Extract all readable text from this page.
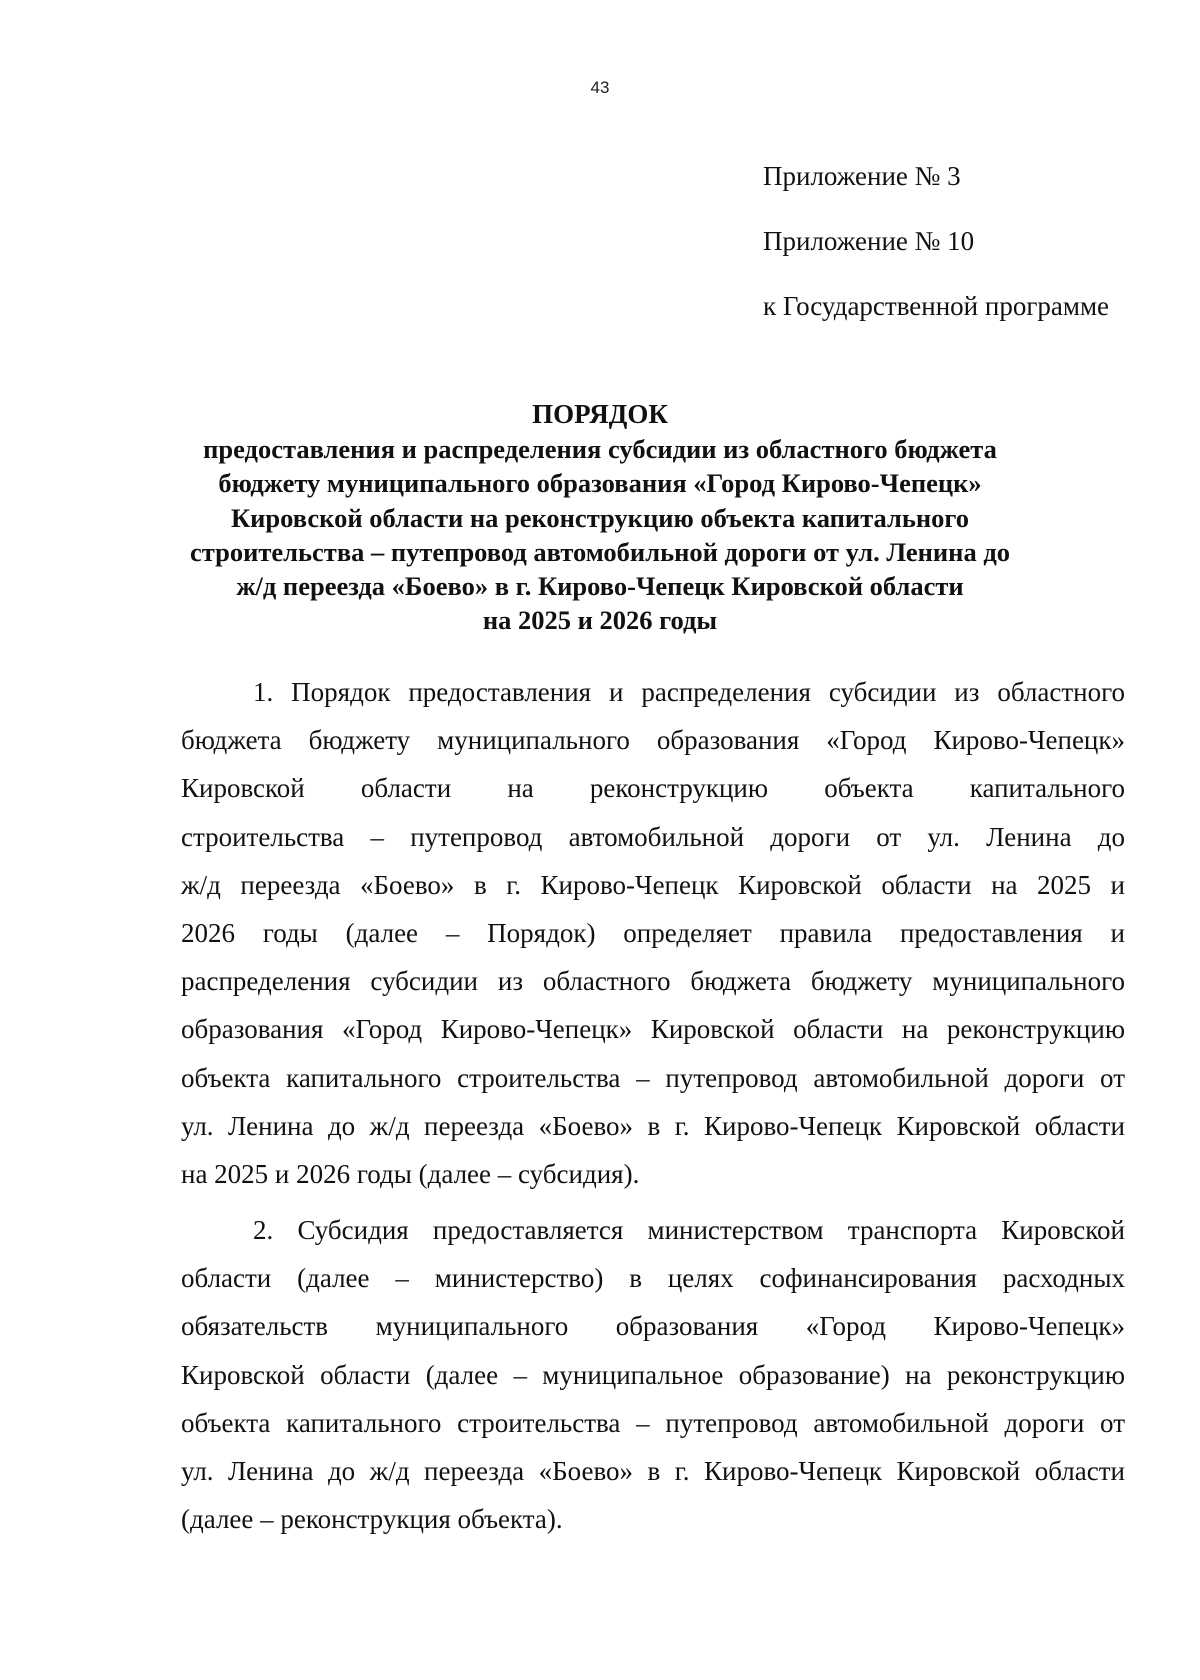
43
Приложение № 3
Приложение № 10
к Государственной программе
ПОРЯДОК
предоставления и распределения субсидии из областного бюджета
бюджету муниципального образования «Город Кирово-Чепецк»
Кировской области на реконструкцию объекта капитального
строительства – путепровод автомобильной дороги от ул. Ленина до
ж/д переезда «Боево» в г. Кирово-Чепецк Кировской области
на 2025 и 2026 годы
1. Порядок предоставления и распределения субсидии из областного
бюджета бюджету муниципального образования «Город Кирово-Чепецк»
Кировской области на реконструкцию объекта капитального
строительства – путепровод автомобильной дороги от ул. Ленина до
ж/д переезда «Боево» в г. Кирово-Чепецк Кировской области на 2025 и
2026 годы (далее – Порядок) определяет правила предоставления и
распределения субсидии из областного бюджета бюджету муниципального
образования «Город Кирово-Чепецк» Кировской области на реконструкцию
объекта капитального строительства – путепровод автомобильной дороги от
ул. Ленина до ж/д переезда «Боево» в г. Кирово-Чепецк Кировской области
на 2025 и 2026 годы (далее – субсидия).
2. Субсидия предоставляется министерством транспорта Кировской
области (далее – министерство) в целях софинансирования расходных
обязательств муниципального образования «Город Кирово-Чепецк»
Кировской области (далее – муниципальное образование) на реконструкцию
объекта капитального строительства – путепровод автомобильной дороги от
ул. Ленина до ж/д переезда «Боево» в г. Кирово-Чепецк Кировской области
(далее – реконструкция объекта).
